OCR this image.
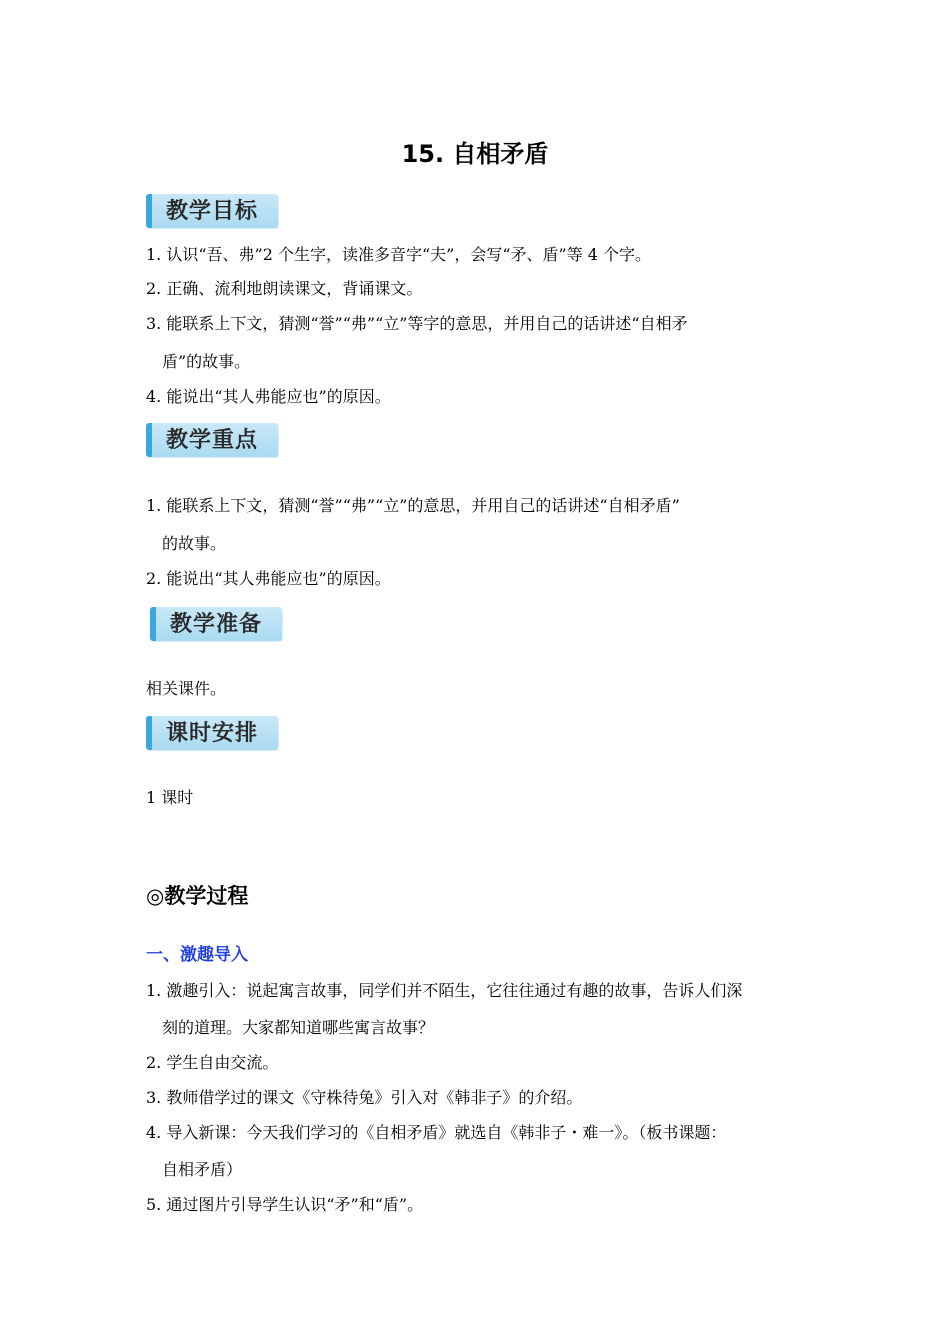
15. 自相矛盾
教学目标
1. 认识“吾、弗”2 个生字，读准多音字“夫”，会写“矛、盾”等 4 个字。
2. 正确、流利地朗读课文，背诵课文。
3. 能联系上下文，猜测“誉”“弗”“立”等字的意思，并用自己的话讲述“自相矛
盾”的故事。
4. 能说出“其人弗能应也”的原因。
教学重点
1. 能联系上下文，猜测“誉”“弗”“立”的意思，并用自己的话讲述“自相矛盾”
的故事。
2. 能说出“其人弗能应也”的原因。
教学准备
相关课件。
课时安排
1 课时
◎教学过程
一、激趣导入
1. 激趣引入：说起寓言故事，同学们并不陌生，它往往通过有趣的故事，告诉人们深
刻的道理。大家都知道哪些寓言故事？
2. 学生自由交流。
3. 教师借学过的课文《守株待兔》引入对《韩非子》的介绍。
4. 导入新课：今天我们学习的《自相矛盾》就选自《韩非子・难一》。（板书课题：
自相矛盾）
5. 通过图片引导学生认识“矛”和“盾”。
